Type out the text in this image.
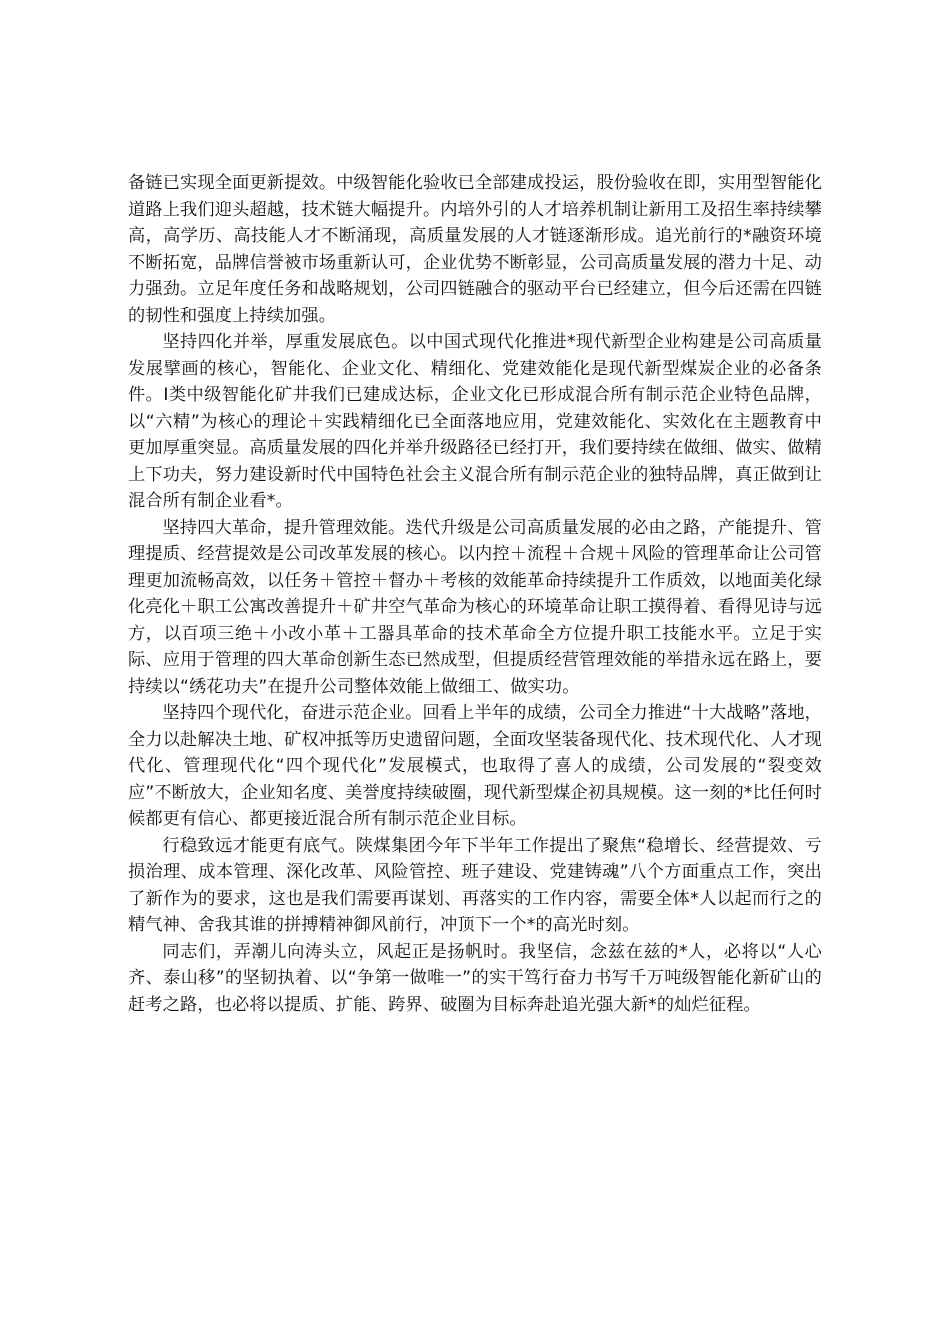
备链已实现全面更新提效。中级智能化验收已全部建成投运，股份验收在即，实用型智能化道路上我们迎头超越，技术链大幅提升。内培外引的人才培养机制让新用工及招生率持续攀高，高学历、高技能人才不断涌现，高质量发展的人才链逐渐形成。追光前行的*融资环境不断拓宽，品牌信誉被市场重新认可，企业优势不断彰显，公司高质量发展的潜力十足、动力强劲。立足年度任务和战略规划，公司四链融合的驱动平台已经建立，但今后还需在四链的韧性和强度上持续加强。

坚持四化并举，厚重发展底色。以中国式现代化推进*现代新型企业构建是公司高质量发展擘画的核心，智能化、企业文化、精细化、党建效能化是现代新型煤炭企业的必备条件。I类中级智能化矿井我们已建成达标，企业文化已形成混合所有制示范企业特色品牌，以“六精”为核心的理论＋实践精细化已全面落地应用，党建效能化、实效化在主题教育中更加厚重突显。高质量发展的四化并举升级路径已经打开，我们要持续在做细、做实、做精上下功夫，努力建设新时代中国特色社会主义混合所有制示范企业的独特品牌，真正做到让混合所有制企业看*。

坚持四大革命，提升管理效能。迭代升级是公司高质量发展的必由之路，产能提升、管理提质、经营提效是公司改革发展的核心。以内控＋流程＋合规＋风险的管理革命让公司管理更加流畅高效，以任务＋管控＋督办＋考核的效能革命持续提升工作质效，以地面美化绿化亮化＋职工公寓改善提升＋矿井空气革命为核心的环境革命让职工摸得着、看得见诗与远方，以百项三绝＋小改小革＋工器具革命的技术革命全方位提升职工技能水平。立足于实际、应用于管理的四大革命创新生态已然成型，但提质经营管理效能的举措永远在路上，要持续以“绣花功夫”在提升公司整体效能上做细工、做实功。

坚持四个现代化，奋进示范企业。回看上半年的成绩，公司全力推进“十大战略”落地，全力以赴解决土地、矿权冲抵等历史遗留问题，全面攻坚装备现代化、技术现代化、人才现代化、管理现代化“四个现代化”发展模式，也取得了喜人的成绩，公司发展的“裂变效应”不断放大，企业知名度、美誉度持续破圈，现代新型煤企初具规模。这一刻的*比任何时候都更有信心、都更接近混合所有制示范企业目标。

行稳致远才能更有底气。陕煤集团今年下半年工作提出了聚焦“稳增长、经营提效、亏损治理、成本管理、深化改革、风险管控、班子建设、党建铸魂”八个方面重点工作，突出了新作为的要求，这也是我们需要再谋划、再落实的工作内容，需要全体*人以起而行之的精气神、舍我其谁的拼搏精神御风前行，冲顶下一个*的高光时刻。

同志们，弄潮儿向涛头立，风起正是扬帆时。我坚信，念兹在兹的*人，必将以“人心齐、泰山移”的坚韧执着、以“争第一做唯一”的实干笃行奋力书写千万吨级智能化新矿山的赶考之路，也必将以提质、扩能、跨界、破圈为目标奔赴追光强大新*的灿烂征程。
